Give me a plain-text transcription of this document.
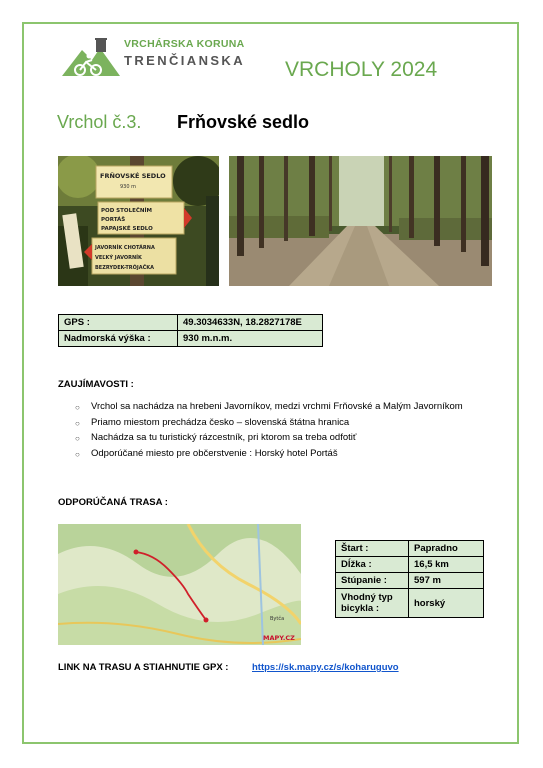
VRCHÁRSKA KORUNA
TRENČIANSKA VRCHOLY 2024
Vrchol č.3. Frňovské sedlo
FRŇOVSKÉ SEDLO
930 m
POD STOLEČNÍM
PORTÁŠ
PAPAJSKÉ SEDLO
JAVORNÍK CHOTÁRNA
VEĽKÝ JAVORNÍK
BEZRYDEK-TRÓJAČKA
GPS :	49.3034633N, 18.2827178E
Nadmorská výška :	930 m.n.m.
ZAUJÍMAVOSTI :
○ Vrchol sa nachádza na hrebeni Javorníkov, medzi vrchmi Frňovské a Malým Javorníkom
○ Priamo miestom prechádza česko – slovenská štátna hranica
○ Nachádza sa tu turistický rázcestník, pri ktorom sa treba odfotiť
○ Odporúčané miesto pre občerstvenie : Horský hotel Portáš
ODPORÚČANÁ TRASA :
Bytča
MAPY.CZ
Štart :	Papradno
Dĺžka :	16,5 km
Stúpanie :	597 m
Vhodný typ bicykla :	horský
LINK NA TRASU A STIAHNUTIE GPX : https://sk.mapy.cz/s/koharuguvo
